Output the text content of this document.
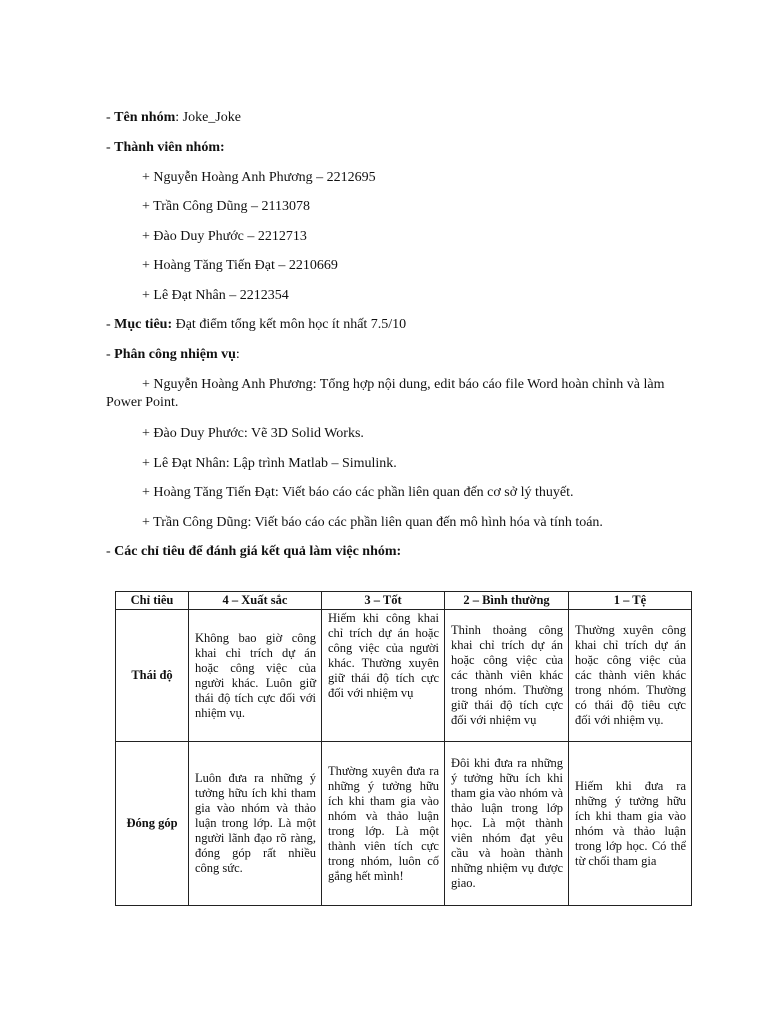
- Tên nhóm: Joke_Joke
- Thành viên nhóm:
+ Nguyễn Hoàng Anh Phương – 2212695
+ Trần Công Dũng – 2113078
+ Đào Duy Phước – 2212713
+ Hoàng Tăng Tiến Đạt – 2210669
+ Lê Đạt Nhân – 2212354
- Mục tiêu: Đạt điểm tổng kết môn học ít nhất 7.5/10
- Phân công nhiệm vụ:
+ Nguyễn Hoàng Anh Phương: Tổng hợp nội dung, edit báo cáo file Word hoàn chỉnh và làm Power Point.
+ Đào Duy Phước: Vẽ 3D Solid Works.
+ Lê Đạt Nhân: Lập trình Matlab – Simulink.
+ Hoàng Tăng Tiến Đạt: Viết báo cáo các phần liên quan đến cơ sở lý thuyết.
+ Trần Công Dũng: Viết báo cáo các phần liên quan đến mô hình hóa và tính toán.
- Các chỉ tiêu để đánh giá kết quả làm việc nhóm:
Chỉ tiêu	4 – Xuất sắc	3 – Tốt	2 – Bình thường	1 – Tệ
Thái độ	Không bao giờ công khai chỉ trích dự án hoặc công việc của người khác. Luôn giữ thái độ tích cực đối với nhiệm vụ.	Hiếm khi công khai chỉ trích dự án hoặc công việc của người khác. Thường xuyên giữ thái độ tích cực đối với nhiệm vụ	Thỉnh thoảng công khai chỉ trích dự án hoặc công việc của các thành viên khác trong nhóm. Thường giữ thái độ tích cực đối với nhiệm vụ	Thường xuyên công khai chỉ trích dự án hoặc công việc của các thành viên khác trong nhóm. Thường có thái độ tiêu cực đối với nhiệm vụ.
Đóng góp	Luôn đưa ra những ý tưởng hữu ích khi tham gia vào nhóm và thảo luận trong lớp. Là một người lãnh đạo rõ ràng, đóng góp rất nhiều công sức.	Thường xuyên đưa ra những ý tưởng hữu ích khi tham gia vào nhóm và thảo luận trong lớp. Là một thành viên tích cực trong nhóm, luôn cố gắng hết mình!	Đôi khi đưa ra những ý tưởng hữu ích khi tham gia vào nhóm và thảo luận trong lớp học. Là một thành viên nhóm đạt yêu cầu và hoàn thành những nhiệm vụ được giao.	Hiếm khi đưa ra những ý tưởng hữu ích khi tham gia vào nhóm và thảo luận trong lớp học. Có thể từ chối tham gia
